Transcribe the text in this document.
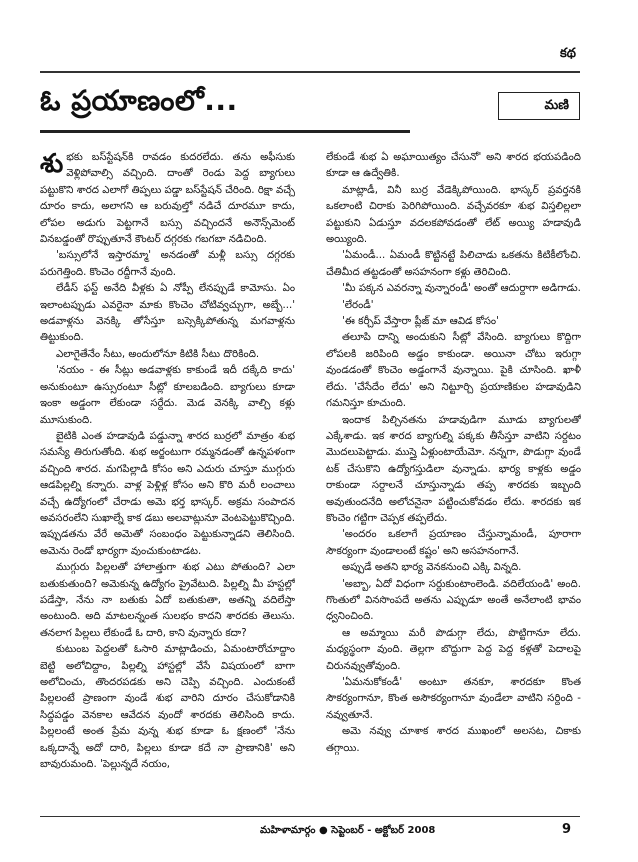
కథ
ఓ ప్రయాణంలో...	మణి

శుభకు బస్‌స్టేషన్‌కి రావడం కుదరలేదు. తను అఫీసుకు వెళ్లిపోవాల్సి వచ్చింది. దాంతో రెండు పెద్ద బ్యాగులు పట్టుకొని శారద ఎలాగో తిప్పలు పడ్డా బస్‌స్టేషన్ చేరింది. రిక్షా వచ్చే దూరం కాదు, అలాగని ఆ బరువుల్తో నడిచే దూరమూ కాదు, లోపల అడుగు పెట్టగానే బస్సు వచ్చిందనే అనౌన్స్‌మెంట్ వినబడ్డంతో రొప్పుతూనే కౌంటర్ దగ్గరకు గబగబా నడిచింది.

'బస్సులోనే ఇస్తారమ్మా' అనడంతో మళ్లీ బస్సు దగ్గరకు పరుగెత్తింది. కొంచెం రద్దీగానే వుంది.

లేడీస్ ఫస్ట్ అనేది వీళ్లకు ఏ నోప్పీ లేనప్పుడే కామోసు. ఏం ఇలాంటప్పుడు ఎవరైనా మాకు కొంచెం చోటివ్వచ్చుగా, అబ్బే...' అడవాళ్లను వెనక్కి తోసేస్తూ బస్సెక్కిపోతున్న మగవాళ్లను తిట్టుకుంది.

ఎలాగైతేనేం సీటు, అందులోనూ కిటికి సీటు దొరికింది.

'నయం - ఈ సీట్లు అడవాళ్లకు కాకుండే ఇదీ దక్కేది కాదు' అనుకుంటూ ఉస్సురంటూ సీట్లో కూలబడింది. బ్యాగులు కూడా ఇంకా అడ్డంగా లేకుండా సర్దేదు. మెడ వెనక్కి వాల్చి కళ్లు మూసుకుంది.

బైటికి ఎంత హడావుడి పడ్డున్నా శారద బుర్రలో మాత్రం శుభ సమస్యే తిరుగుతోంది. శుభ అర్జంటుగా రమ్మనడంతో ఉన్నపళంగా వచ్చింది శారద. మగపిల్లాడి కోసం అని ఎదురు చూస్తూ ముగ్గురు ఆడపిల్లల్ని కన్నారు. వాళ్ల పెళ్లిళ్ల కోసం అని కొరి మరీ లంచాలు వచ్చే ఉద్యోగంలో చేరాడు అమె భర్త భాస్కర్. అక్రమ సంపాదన అవసరంలేని సుఖాల్నే కాక డబు అలవాట్లునూ వెంటపెట్టుకొచ్చింది. ఇప్పుడతను వేరే అమెతో సంబంధం పెట్టుకున్నాడని తెలిసింది. అమెను రెండో భార్యగా వుంచుకుంటాడట.

ముగ్గురు పిల్లలతో హాలాత్తుగా శుభ ఎటు పోతుంది? ఎలా బతుకుతుంది? అమెకున్న ఉద్యోగం ప్రైవేటుది. పిల్లల్ని మీ హస్టల్లో పడేస్తా, నేను నా బతుకు ఏదో బతుకుతా, అతన్ని వదిలేస్తా అంటుంది. అది మాటలన్నంత సులభం కాదని శారదకు తెలుసు. తనలాగ పిల్లలు లేకుండే ఓ దారి, కాని వున్నారు కదా?

కుటుంబ పెద్దలతో ఓసారి మాట్లాడించు, ఏమంటారోచూద్దాం బెట్టి అలోచిద్దాం, పిల్లల్ని హాస్టల్లో వేసే విషయంలో బాగా అలోచించు, తొందరపడకు అని చెప్పి వచ్చింది. ఎందుకంటే పిల్లలంటే ప్రాణంగా వుండే శుభ వారిని దూరం చేసుకోడానికి సిద్ధపడ్డం వెనకాల ఆవేదన వుందో శారదకు తెలిసింది కాదు. పిల్లలంటే అంత ప్రేమ వున్న శుభ కూడా ఓ క్షణంలో 'నేను ఒక్కదాన్నే అదో దారి, పిల్లలు కూడా కదే నా ప్రాణానికి' అని బావురుమంది. 'పెల్లున్నదే నయం,

లేకుండే శుభ ఏ అఘాయిత్యం చేసునో' అని శారద భయపడింది కూడా ఆ ఉద్వేతికి.

మాట్లాడీ, వినీ బుర్ర వేడెక్కిపోయింది. భాస్కర్ ప్రవర్తనకి ఒకలాంటి చిరాకు పెరిగిపోయింది. వచ్చేవరకూ శుభ విస్తలిల్లలా పట్టుకుని ఏడుస్తూ వదలకపోవడంతో లేట్ అయ్యి హడావుడి అయ్యింది.

'ఏమండీ... ఏమండీ కొట్టినట్టే పిలిచాడు ఒకతను కిటికీలోంచి. చేతిమీద తట్టడంతో అసహనంగా కళ్లు తెరిచింది.

'మీ పక్కన ఎవరన్నా వున్నారండీ' అంతో ఆదుర్దాగా అడిగాడు.

'లేరండీ'

'ఈ కర్చీప్ వేస్తారా ప్లీజ్ మా ఆవిడ కోసం'

తలూపి దాన్ని అందుకుని సీట్లో వేసింది. బ్యాగులు కొద్దిగా లోపలకి జరిపింది అడ్డం కాకుండా. అయినా చోటు ఇరుగ్గా వుండడంతో కొంచెం అడ్డంగానే వున్నాయి. పైకి చూసింది. ఖాళీ లేదు. 'చేసేదేం లేదు' అని నిట్టూర్చి ప్రయాణికుల హడావుడిని గమనిస్తూ కూచుంది.

ఇందాక పిల్చినతను హడావుడిగా మూడు బ్యాగులతో ఎక్కేశాడు. ఇక శారద బ్యాగుల్ని పక్కకు తీసేస్తూ వాటిని సర్దటం మొదలుపెట్టాడు. ముస్తై ఏళ్లుంటాయేమో. నన్నగా, పొడుగ్గా వుండే టక్ చేసుకొని ఉద్యోగస్తుడిలా వున్నాడు. భార్య కాళ్లకు అడ్డం రాకుండా సర్దాలనే చూస్తున్నాడు తప్ప శారదకు ఇబ్బంది అవుతుందనేది అలోచనైనా పట్టించుకోవడం లేదు. శారదకు ఇక కొంచెం గట్టిగా చెప్పక తప్పలేదు.

'అందరం ఒకలాగే ప్రయాణం చేస్తున్నామండీ, పూరాగా సౌకర్యంగా వుండాలంటే కష్టం' అని అసహనంగానే.

అప్పుడే అతని భార్య వెనకనుంచి ఎక్కి విన్నది.

'అబ్బా, ఏదో విధంగా సర్దుకుంటాంలెండి. వదిలేయండి' అంది. గొంతులో వినసొంపదే అతను ఎప్పుడూ అంతే అనేలాంటి భావం ధ్వనించింది.

ఆ అమ్మాయి మరీ పొడుగ్గా లేదు, పొట్టిగానూ లేదు. మధ్యస్థంగా వుంది. తెల్లగా బొద్దుగా పెద్ద పెద్ద కళ్లతో పెదాలపై చిరునవ్వుతోవుంది.

'ఏమనుకోకండీ' అంటూ తనకూ, శారదకూ కొంత సౌకర్యంగానూ, కొంత అసౌకర్యంగానూ వుండేలా వాటిని సర్దింది - నవ్వుతూనే.

అమె నవ్వు చూశాక శారద ముఖంలో అలసట, చికాకు తగ్గాయి.

మహిళామార్గం ● సెప్టెంబర్ - అక్టోబర్ 2008	9
